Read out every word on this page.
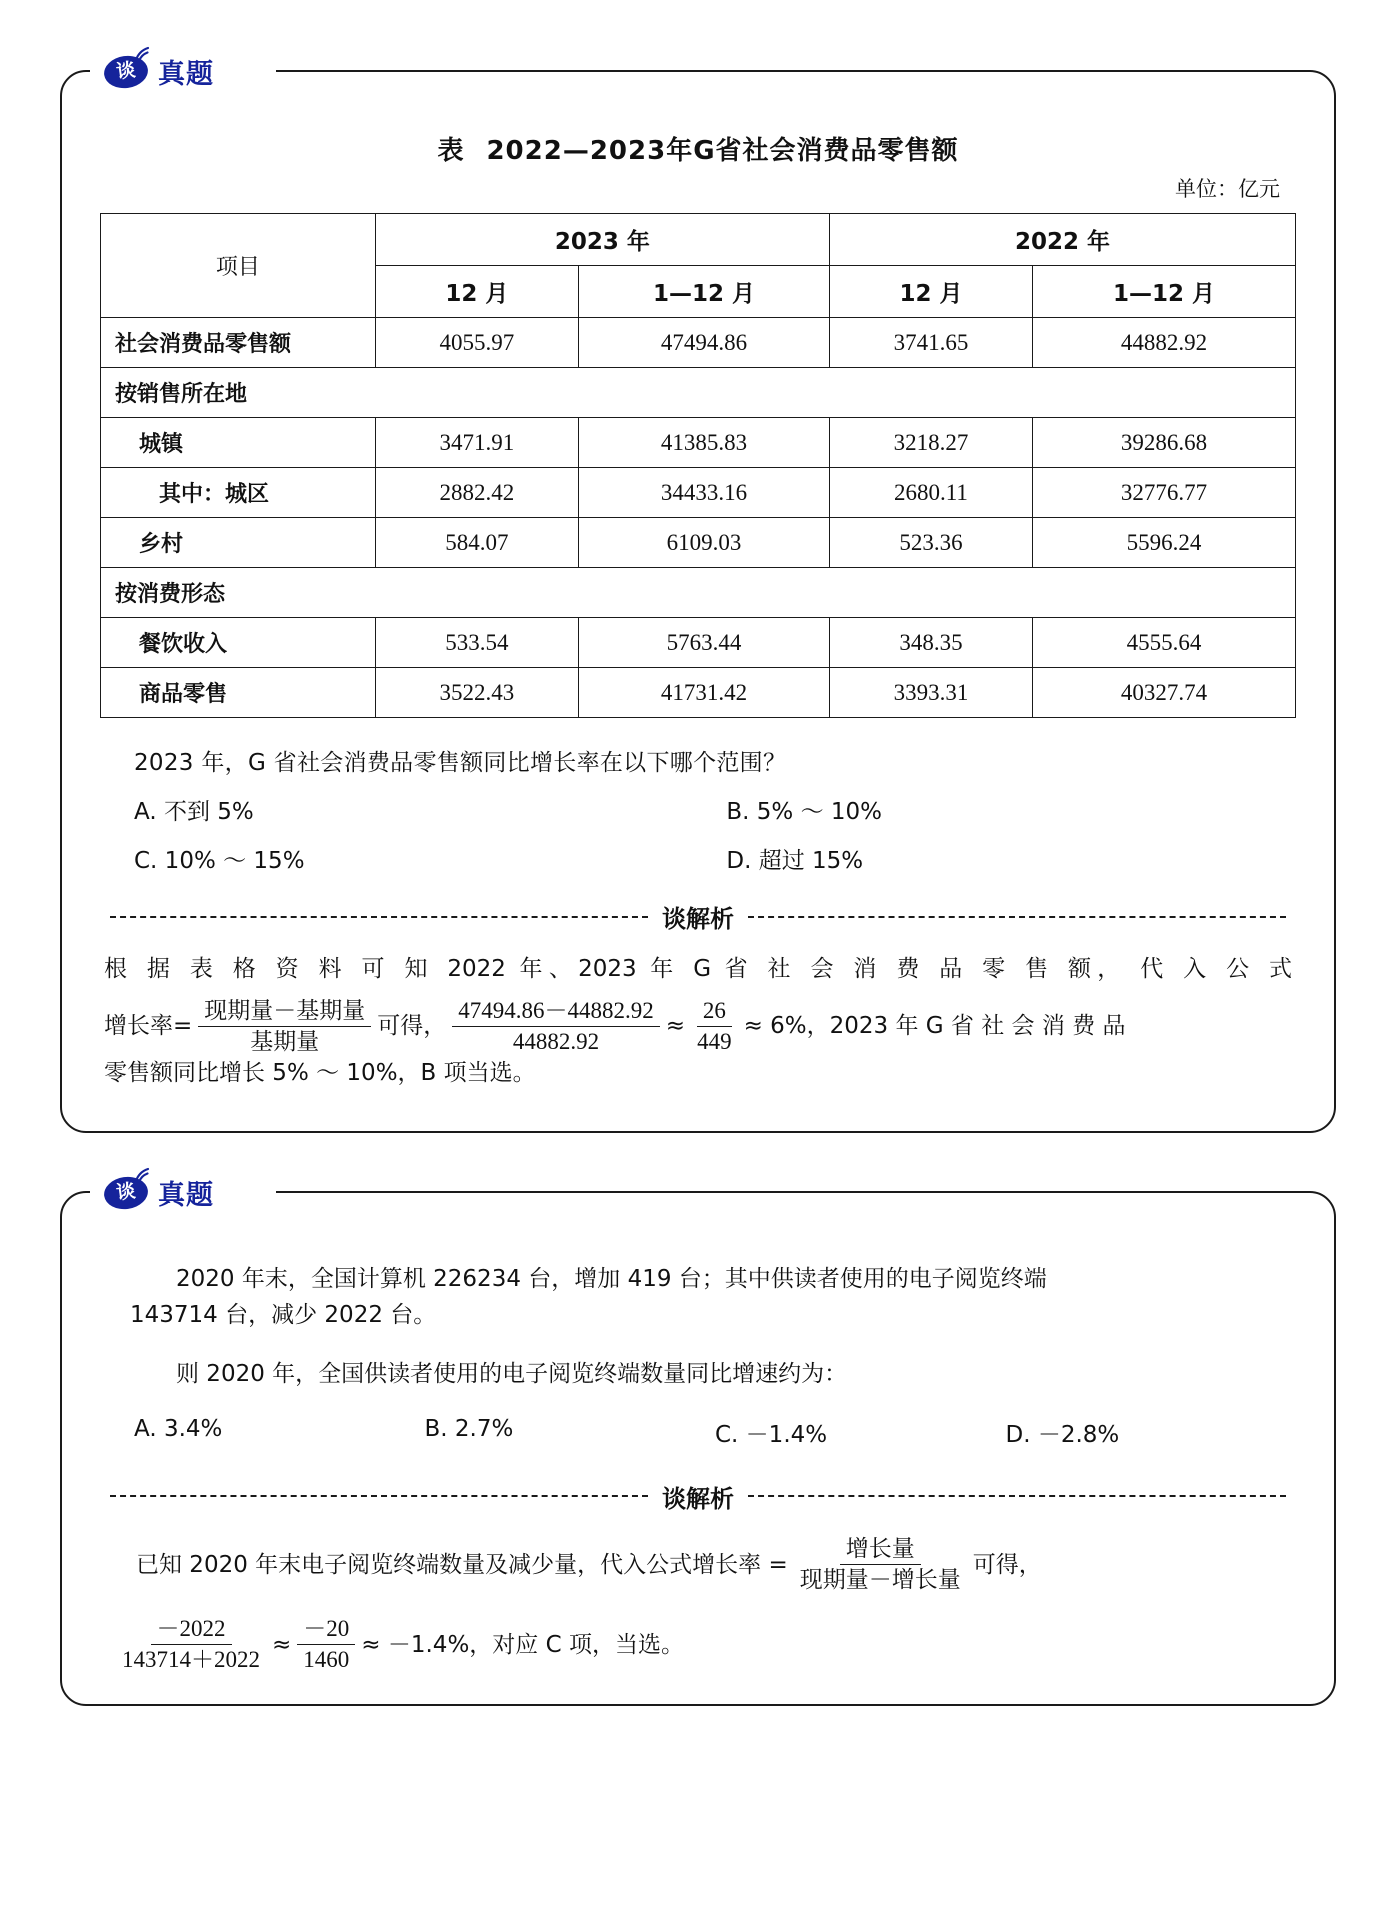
谈 真题
表 2022—2023年G省社会消费品零售额
单位：亿元
项目	2023 年		2022 年	
	12 月	1—12 月	12 月	1—12 月
社会消费品零售额	4055.97	47494.86	3741.65	44882.92
按销售所在地				
城镇	3471.91	41385.83	3218.27	39286.68
其中：城区	2882.42	34433.16	2680.11	32776.77
乡村	584.07	6109.03	523.36	5596.24
按消费形态				
餐饮收入	533.54	5763.44	348.35	4555.64
商品零售	3522.43	41731.42	3393.31	40327.74
2023 年，G 省社会消费品零售额同比增长率在以下哪个范围？
A. 不到 5%	B. 5% ～ 10%
C. 10% ～ 15%	D. 超过 15%
谈解析

根 据 表 格 资 料 可 知 2022 年、2023 年 G 省 社 会 消 费 品 零 售 额， 代 入 公 式

增长率= $\frac{\text{现期量－基期量}}{\text{基期量}}$ 可得， $\frac{47494.86-44882.92}{44882.92} \approx \frac{26}{449} \approx 6\%$， 2023 年 G 省 社 会 消 费 品

零售额同比增长 5% ～ 10%，B 项当选。

谈 真题

2020 年末，全国计算机 226234 台，增加 419 台；其中供读者使用的电子阅览终端

143714 台，减少 2022 台。

则 2020 年，全国供读者使用的电子阅览终端数量同比增速约为：

A. 3.4%	B. 2.7%	C. －1.4%	D. －2.8%
谈解析
已知 2020 年末电子阅览终端数量及减少量，代入公式增长率 = $\frac{\text{增长量}}{\text{现期量－增长量}}$ 可得，
$\frac{-2022}{143714+2022} \approx \frac{-20}{1460} \approx -1.4\%$， 对应 C 项，当选。
